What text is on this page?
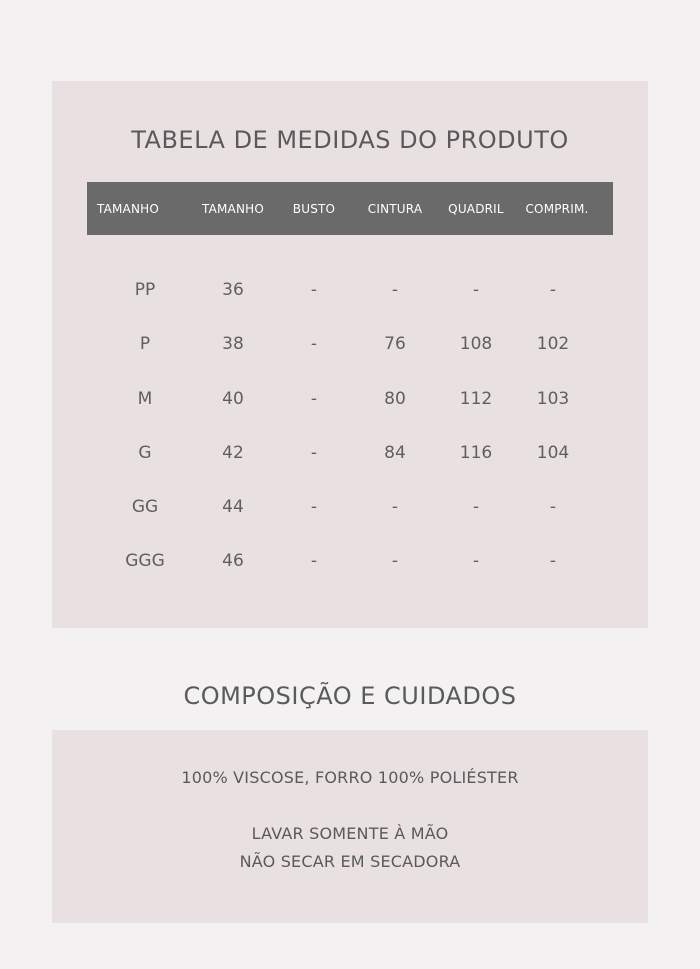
TABELA DE MEDIDAS DO PRODUTO
TAMANHO	TAMANHO	BUSTO	CINTURA	QUADRIL	COMPRIM.
PP	36	-	-	-	-
P	38	-	76	108	102
M	40	-	80	112	103
G	42	-	84	116	104
GG	44	-	-	-	-
GGG	46	-	-	-	-
COMPOSIÇÃO E CUIDADOS
100% VISCOSE, FORRO 100% POLIÉSTER
LAVAR SOMENTE À MÃO
NÃO SECAR EM SECADORA
